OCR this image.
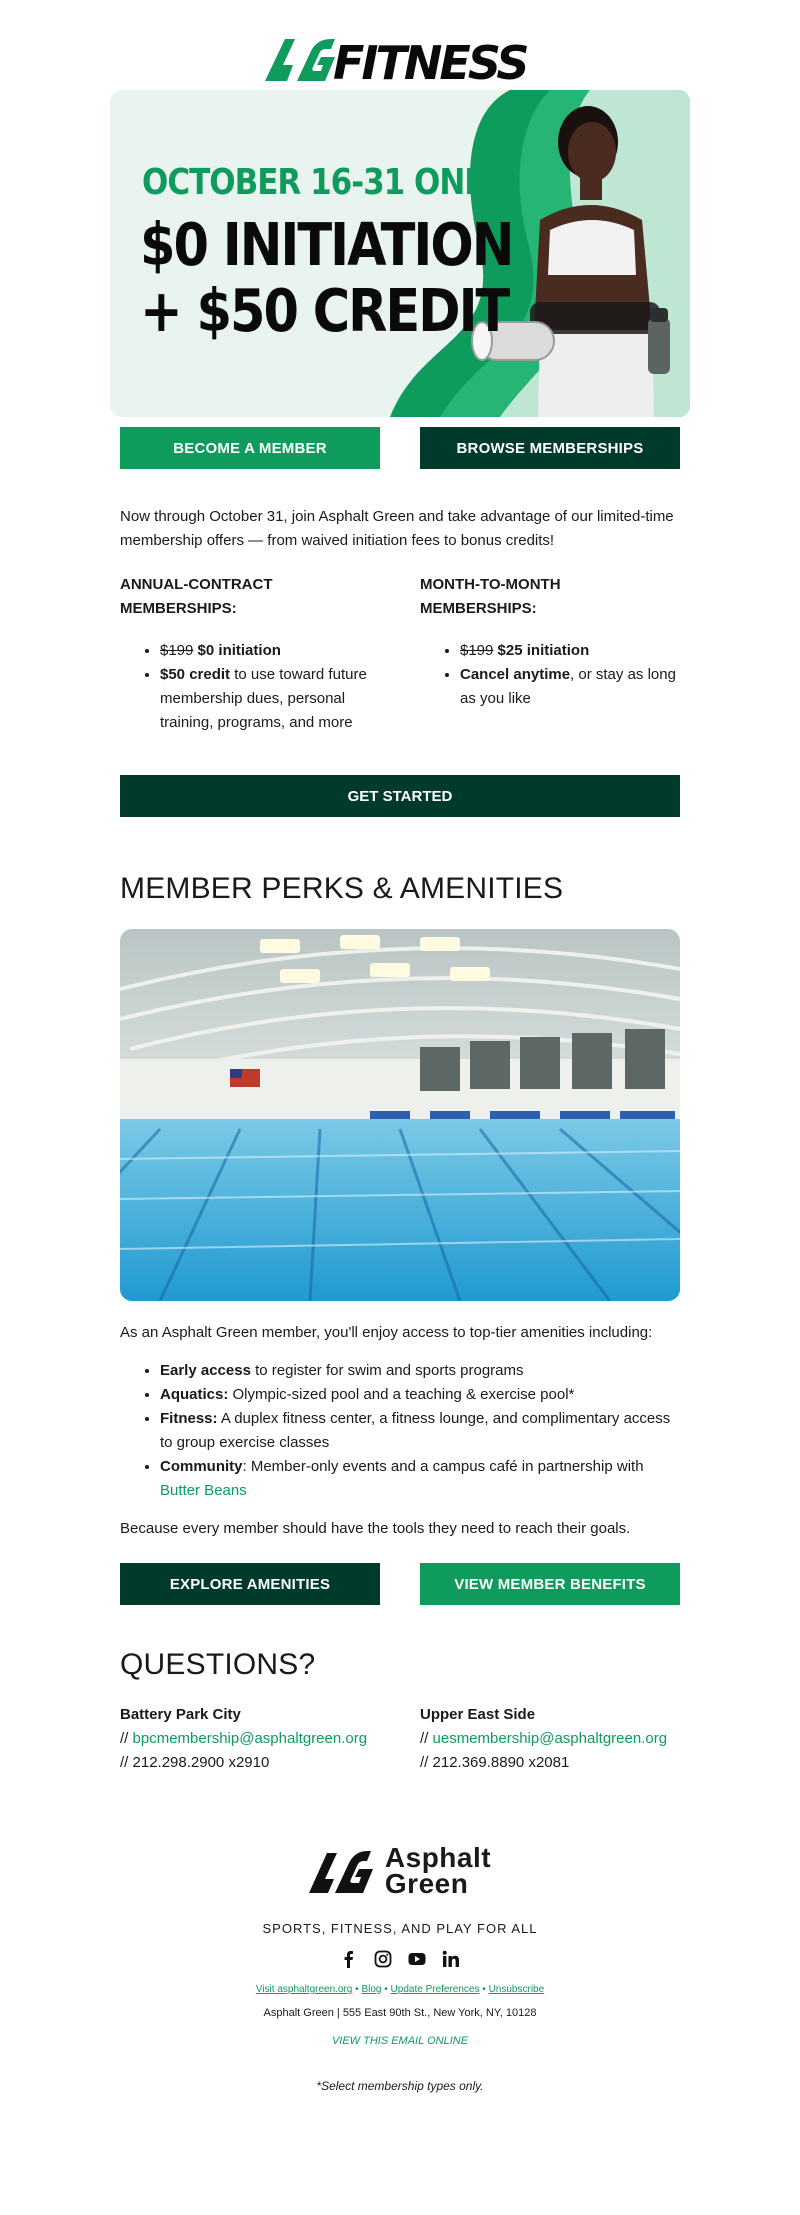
FITNESS
OCTOBER 16-31 ONLY:
$0 INITIATION
+ $50 CREDIT
BECOME A MEMBER	BROWSE MEMBERSHIPS

Now through October 31, join Asphalt Green and take advantage of our limited-time membership offers — from waived initiation fees to bonus credits!

ANNUAL-CONTRACT MEMBERSHIPS:
• $199 $0 initiation
• $50 credit to use toward future membership dues, personal training, programs, and more
MONTH-TO-MONTH MEMBERSHIPS:
• $199 $25 initiation
• Cancel anytime, or stay as long as you like
GET STARTED
MEMBER PERKS & AMENITIES

As an Asphalt Green member, you'll enjoy access to top-tier amenities including:

• Early access to register for swim and sports programs
• Aquatics: Olympic-sized pool and a teaching & exercise pool*
• Fitness: A duplex fitness center, a fitness lounge, and complimentary access to group exercise classes
• Community: Member-only events and a campus café in partnership with Butter Beans

Because every member should have the tools they need to reach their goals.

EXPLORE AMENITIES	VIEW MEMBER BENEFITS
QUESTIONS?
Battery Park City
// bpcmembership@asphaltgreen.org
// 212.298.2900 x2910
Upper East Side
// uesmembership@asphaltgreen.org
// 212.369.8890 x2081
Asphalt
Green
SPORTS, FITNESS, AND PLAY FOR ALL
Visit asphaltgreen.org • Blog • Update Preferences • Unsubscribe
Asphalt Green | 555 East 90th St., New York, NY, 10128
VIEW THIS EMAIL ONLINE
*Select membership types only.
